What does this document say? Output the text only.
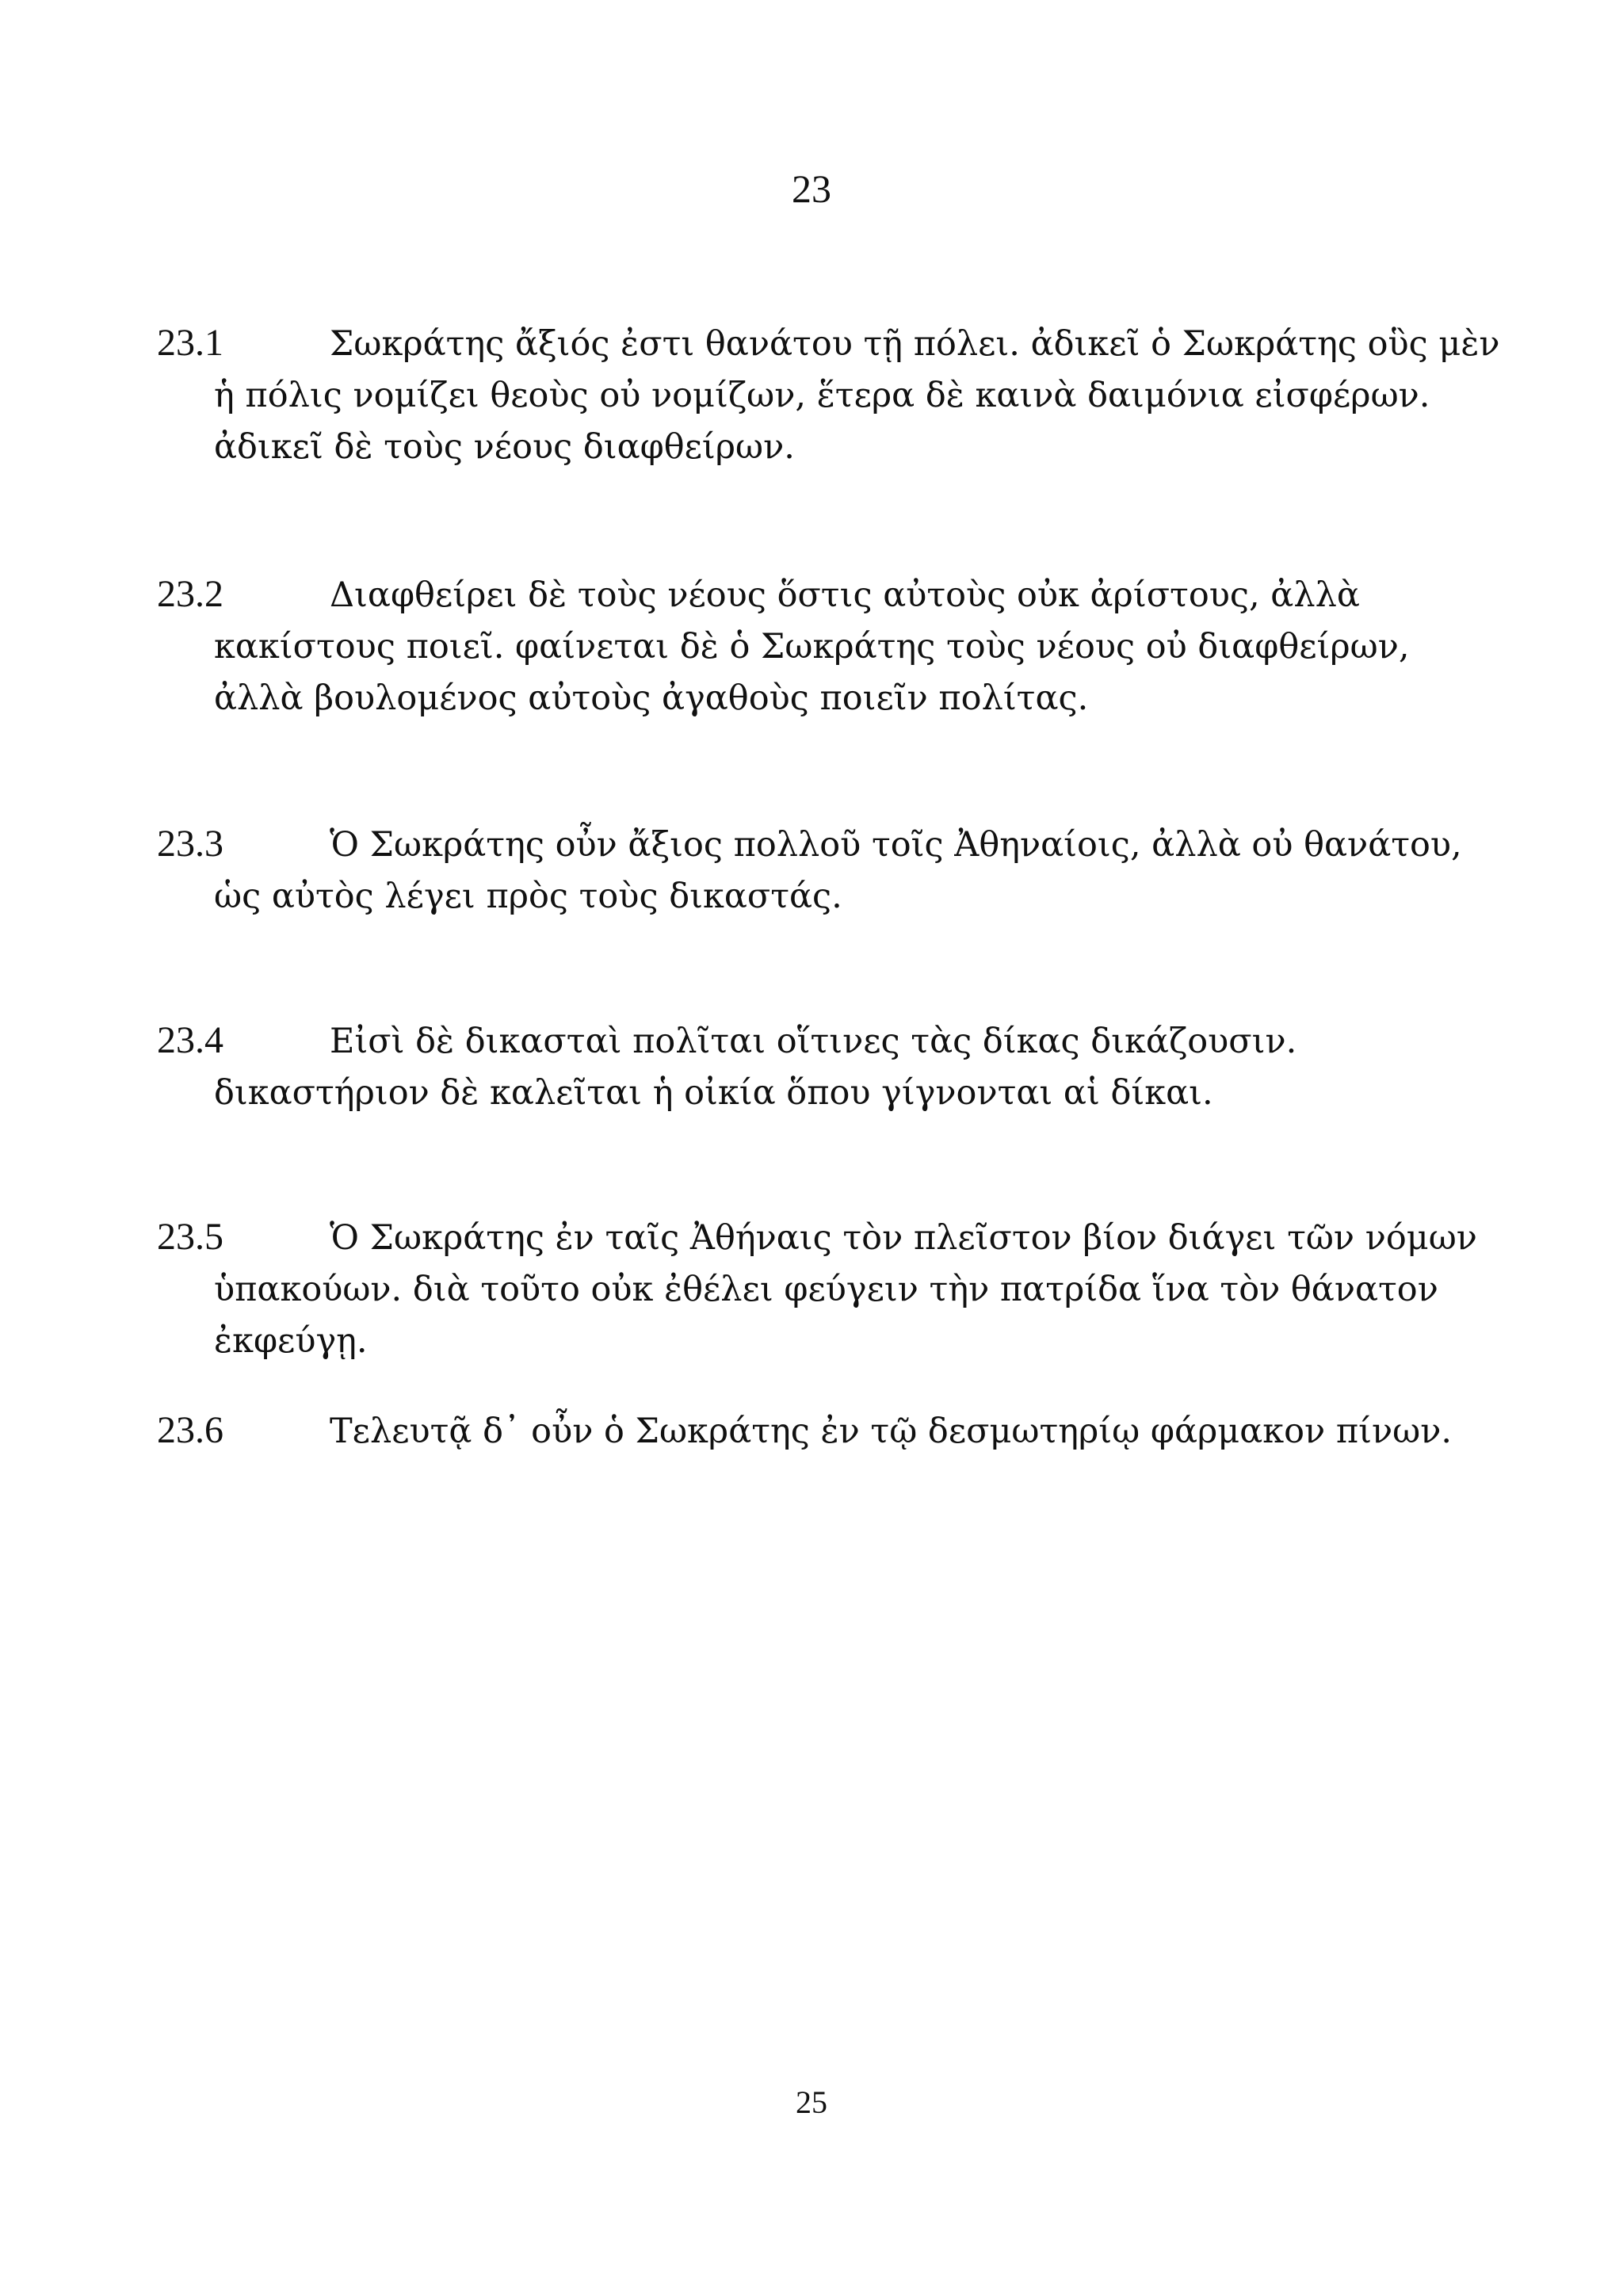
23
23.1	Σωκράτης ἄξιός ἐστι θανάτου τῇ πόλει. ἀδικεῖ ὁ Σωκράτης οὓς μὲν ἡ πόλις νομίζει θεοὺς οὐ νομίζων, ἕτερα δὲ καινὰ δαιμόνια εἰσφέρων. ἀδικεῖ δὲ τοὺς νέους διαφθείρων.
23.2	Διαφθείρει δὲ τοὺς νέους ὅστις αὐτοὺς οὐκ ἀρίστους, ἀλλὰ κακίστους ποιεῖ. φαίνεται δὲ ὁ Σωκράτης τοὺς νέους οὐ διαφθείρων, ἀλλὰ βουλομένος αὐτοὺς ἀγαθοὺς ποιεῖν πολίτας.
23.3	Ὁ Σωκράτης οὖν ἄξιος πολλοῦ τοῖς Ἀθηναίοις, ἀλλὰ οὐ θανάτου, ὡς αὐτὸς λέγει πρὸς τοὺς δικαστάς.
23.4	Εἰσὶ δὲ δικασταὶ πολῖται οἵτινες τὰς δίκας δικάζουσιν. δικαστήριον δὲ καλεῖται ἡ οἰκία ὅπου γίγνονται αἱ δίκαι.
23.5	Ὁ Σωκράτης ἐν ταῖς Ἀθήναις τὸν πλεῖστον βίον διάγει τῶν νόμων ὑπακούων. διὰ τοῦτο οὐκ ἐθέλει φεύγειν τὴν πατρίδα ἵνα τὸν θάνατον ἐκφεύγῃ.
23.6	Τελευτᾷ δ᾽ οὖν ὁ Σωκράτης ἐν τῷ δεσμωτηρίῳ φάρμακον πίνων.
25
